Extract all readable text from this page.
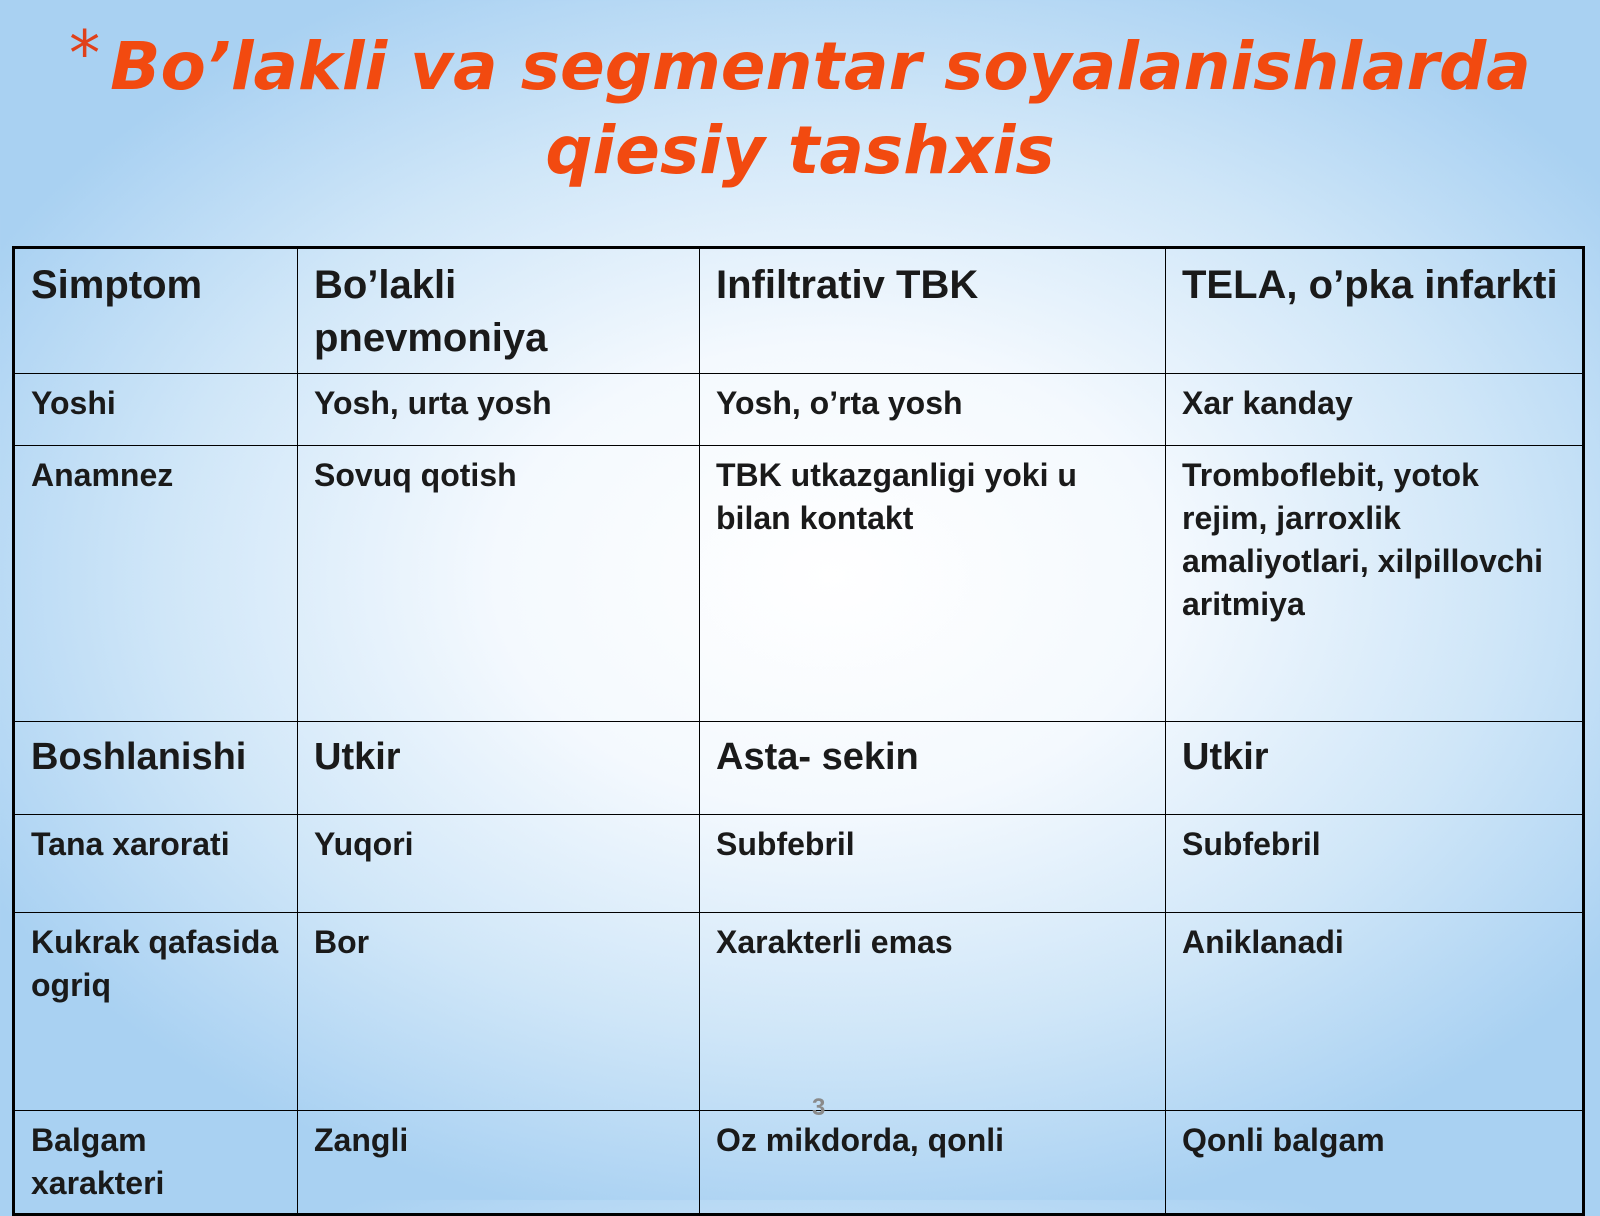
* Bo’lakli va segmentar soyalanishlarda
qiesiy tashxis
Simptom	Bo’lakli pnevmoniya	Infiltrativ TBK	TELA, o’pka infarkti
Yoshi	Yosh, urta yosh	Yosh, o’rta yosh	Xar kanday
Anamnez	Sovuq qotish	TBK utkazganligi yoki u bilan kontakt	Tromboflebit, yotok rejim, jarroxlik amaliyotlari, xilpillovchi aritmiya
Boshlanishi	Utkir	Asta- sekin	Utkir
Tana xarorati	Yuqori	Subfebril	Subfebril
Kukrak qafasida ogriq	Bor	Xarakterli emas	Aniklanadi
Balgam xarakteri	Zangli	Oz mikdorda, qonli	Qonli balgam
3
